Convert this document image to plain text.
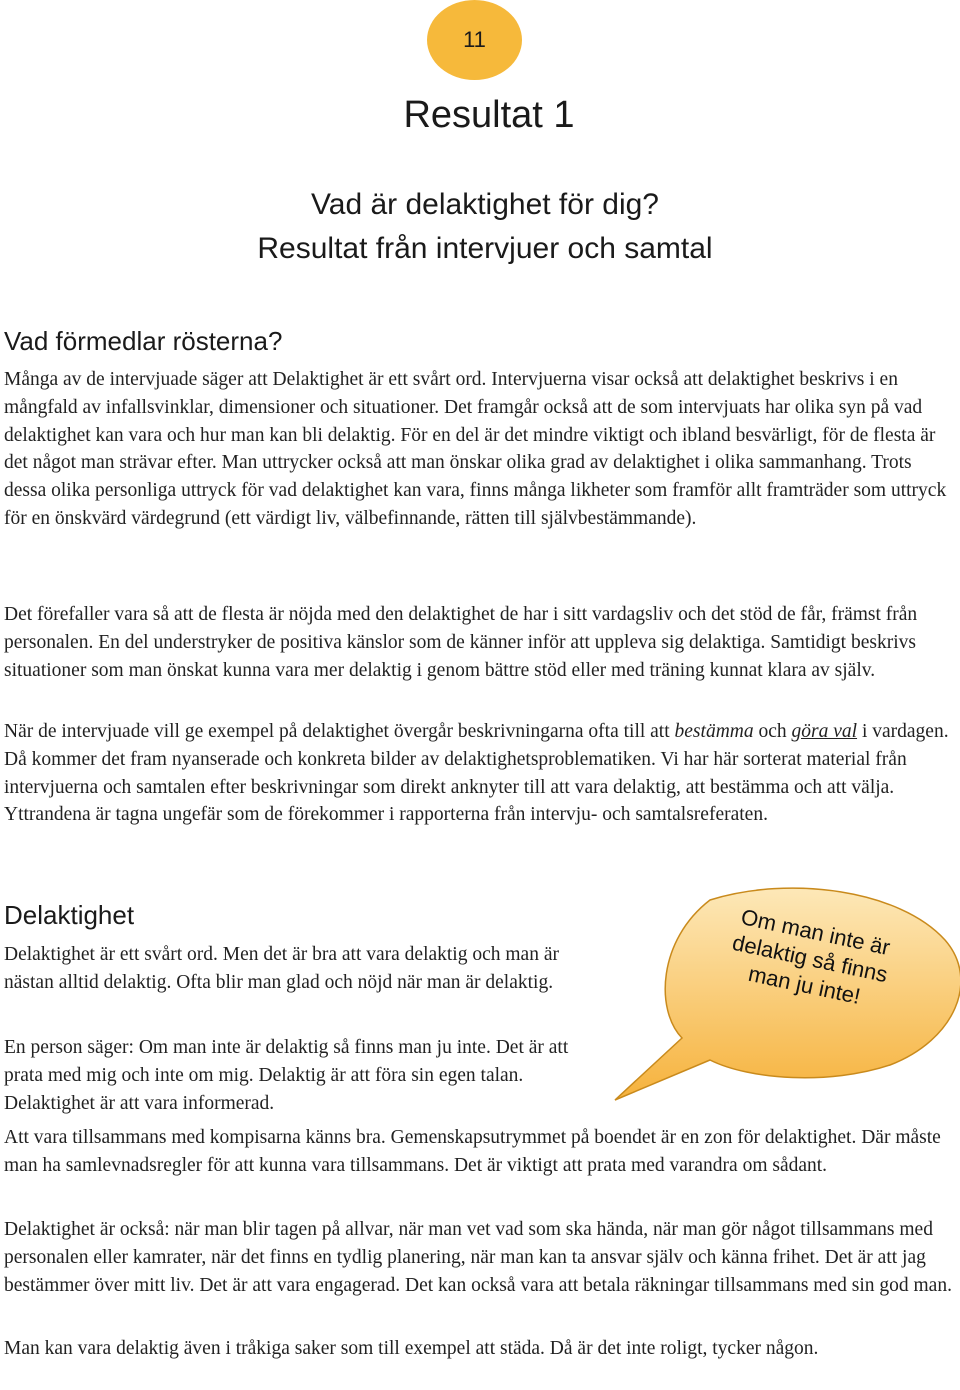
11
Resultat 1
Vad är delaktighet för dig?
Resultat från intervjuer och samtal
Vad förmedlar rösterna?

Många av de intervjuade säger att Delaktighet är ett svårt ord. Intervjuerna visar också att delaktighet beskrivs i en mångfald av infallsvinklar, dimensioner och situationer. Det framgår också att de som intervjuats har olika syn på vad delaktighet kan vara och hur man kan bli delaktig. För en del är det mindre viktigt och ibland besvärligt, för de flesta är det något man strävar efter. Man uttrycker också att man önskar olika grad av delaktighet i olika sammanhang. Trots dessa olika personliga uttryck för vad delaktighet kan vara, finns många likheter som framför allt framträder som uttryck för en önskvärd värdegrund (ett värdigt liv, välbefinnande, rätten till självbestämmande).

Det förefaller vara så att de flesta är nöjda med den delaktighet de har i sitt vardagsliv och det stöd de får, främst från personalen. En del understryker de positiva känslor som de känner inför att uppleva sig delaktiga. Samtidigt beskrivs situationer som man önskat kunna vara mer delaktig i genom bättre stöd eller med träning kunnat klara av själv.

När de intervjuade vill ge exempel på delaktighet övergår beskrivningarna ofta till att bestämma och göra val i vardagen. Då kommer det fram nyanserade och konkreta bilder av delaktighetsproblematiken. Vi har här sorterat material från intervjuerna och samtalen efter beskrivningar som direkt anknyter till att vara delaktig, att bestämma och att välja. Yttrandena är tagna ungefär som de förekommer i rapporterna från intervju- och samtalsreferaten.

Delaktighet

Delaktighet är ett svårt ord. Men det är bra att vara delaktig och man är nästan alltid delaktig. Ofta blir man glad och nöjd när man är delaktig.

En person säger: Om man inte är delaktig så finns man ju inte. Det är att prata med mig och inte om mig. Delaktig är att föra sin egen talan. Delaktighet är att vara informerad.

Att vara tillsammans med kompisarna känns bra. Gemenskapsutrymmet på boendet är en zon för delaktighet. Där måste man ha samlevnadsregler för att kunna vara tillsammans. Det är viktigt att prata med varandra om sådant.

Delaktighet är också: när man blir tagen på allvar, när man vet vad som ska hända, när man gör något tillsammans med personalen eller kamrater, när det finns en tydlig planering, när man kan ta ansvar själv och känna frihet. Det är att jag bestämmer över mitt liv. Det är att vara engagerad. Det kan också vara att betala räkningar tillsammans med sin god man.

Man kan vara delaktig även i tråkiga saker som till exempel att städa. Då är det inte roligt, tycker någon.

Om man inte är delaktig så finns man ju inte!
